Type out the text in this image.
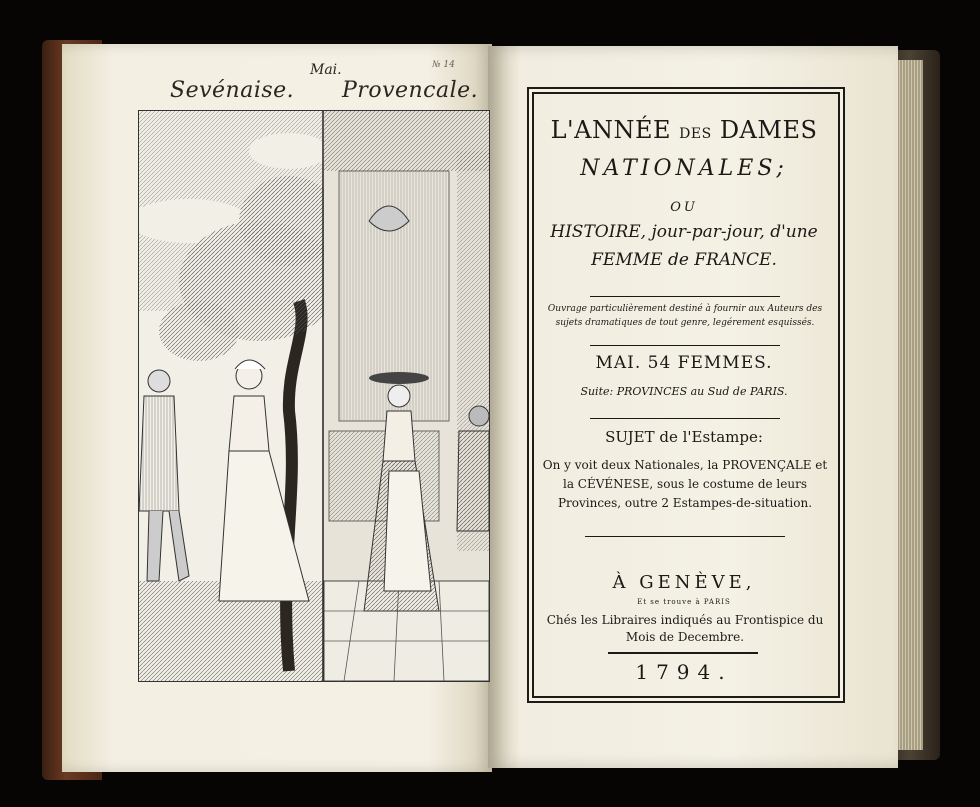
Mai.
Sevénaise. Provencale.
№ 14
L'ANNÉE DES DAMES
NATIONALES;
OU
HISTOIRE, jour-par-jour, d'une
FEMME de FRANCE.
Ouvrage particulièrement destiné à fournir aux Auteurs des sujets dramatiques de tout genre, legérement esquissés.
MAI. 54 FEMMES.
Suite: PROVINCES au Sud de PARIS.
SUJET de l'Estampe:
On y voit deux Nationales, la PROVENÇALE et la CÉVÉNESE, sous le costume de leurs Provinces, outre 2 Estampes-de-situation.
À GENÈVE,
Et se trouve à PARIS
Chés les Libraires indiqués au Frontispice du Mois de Decembre.
1794.
